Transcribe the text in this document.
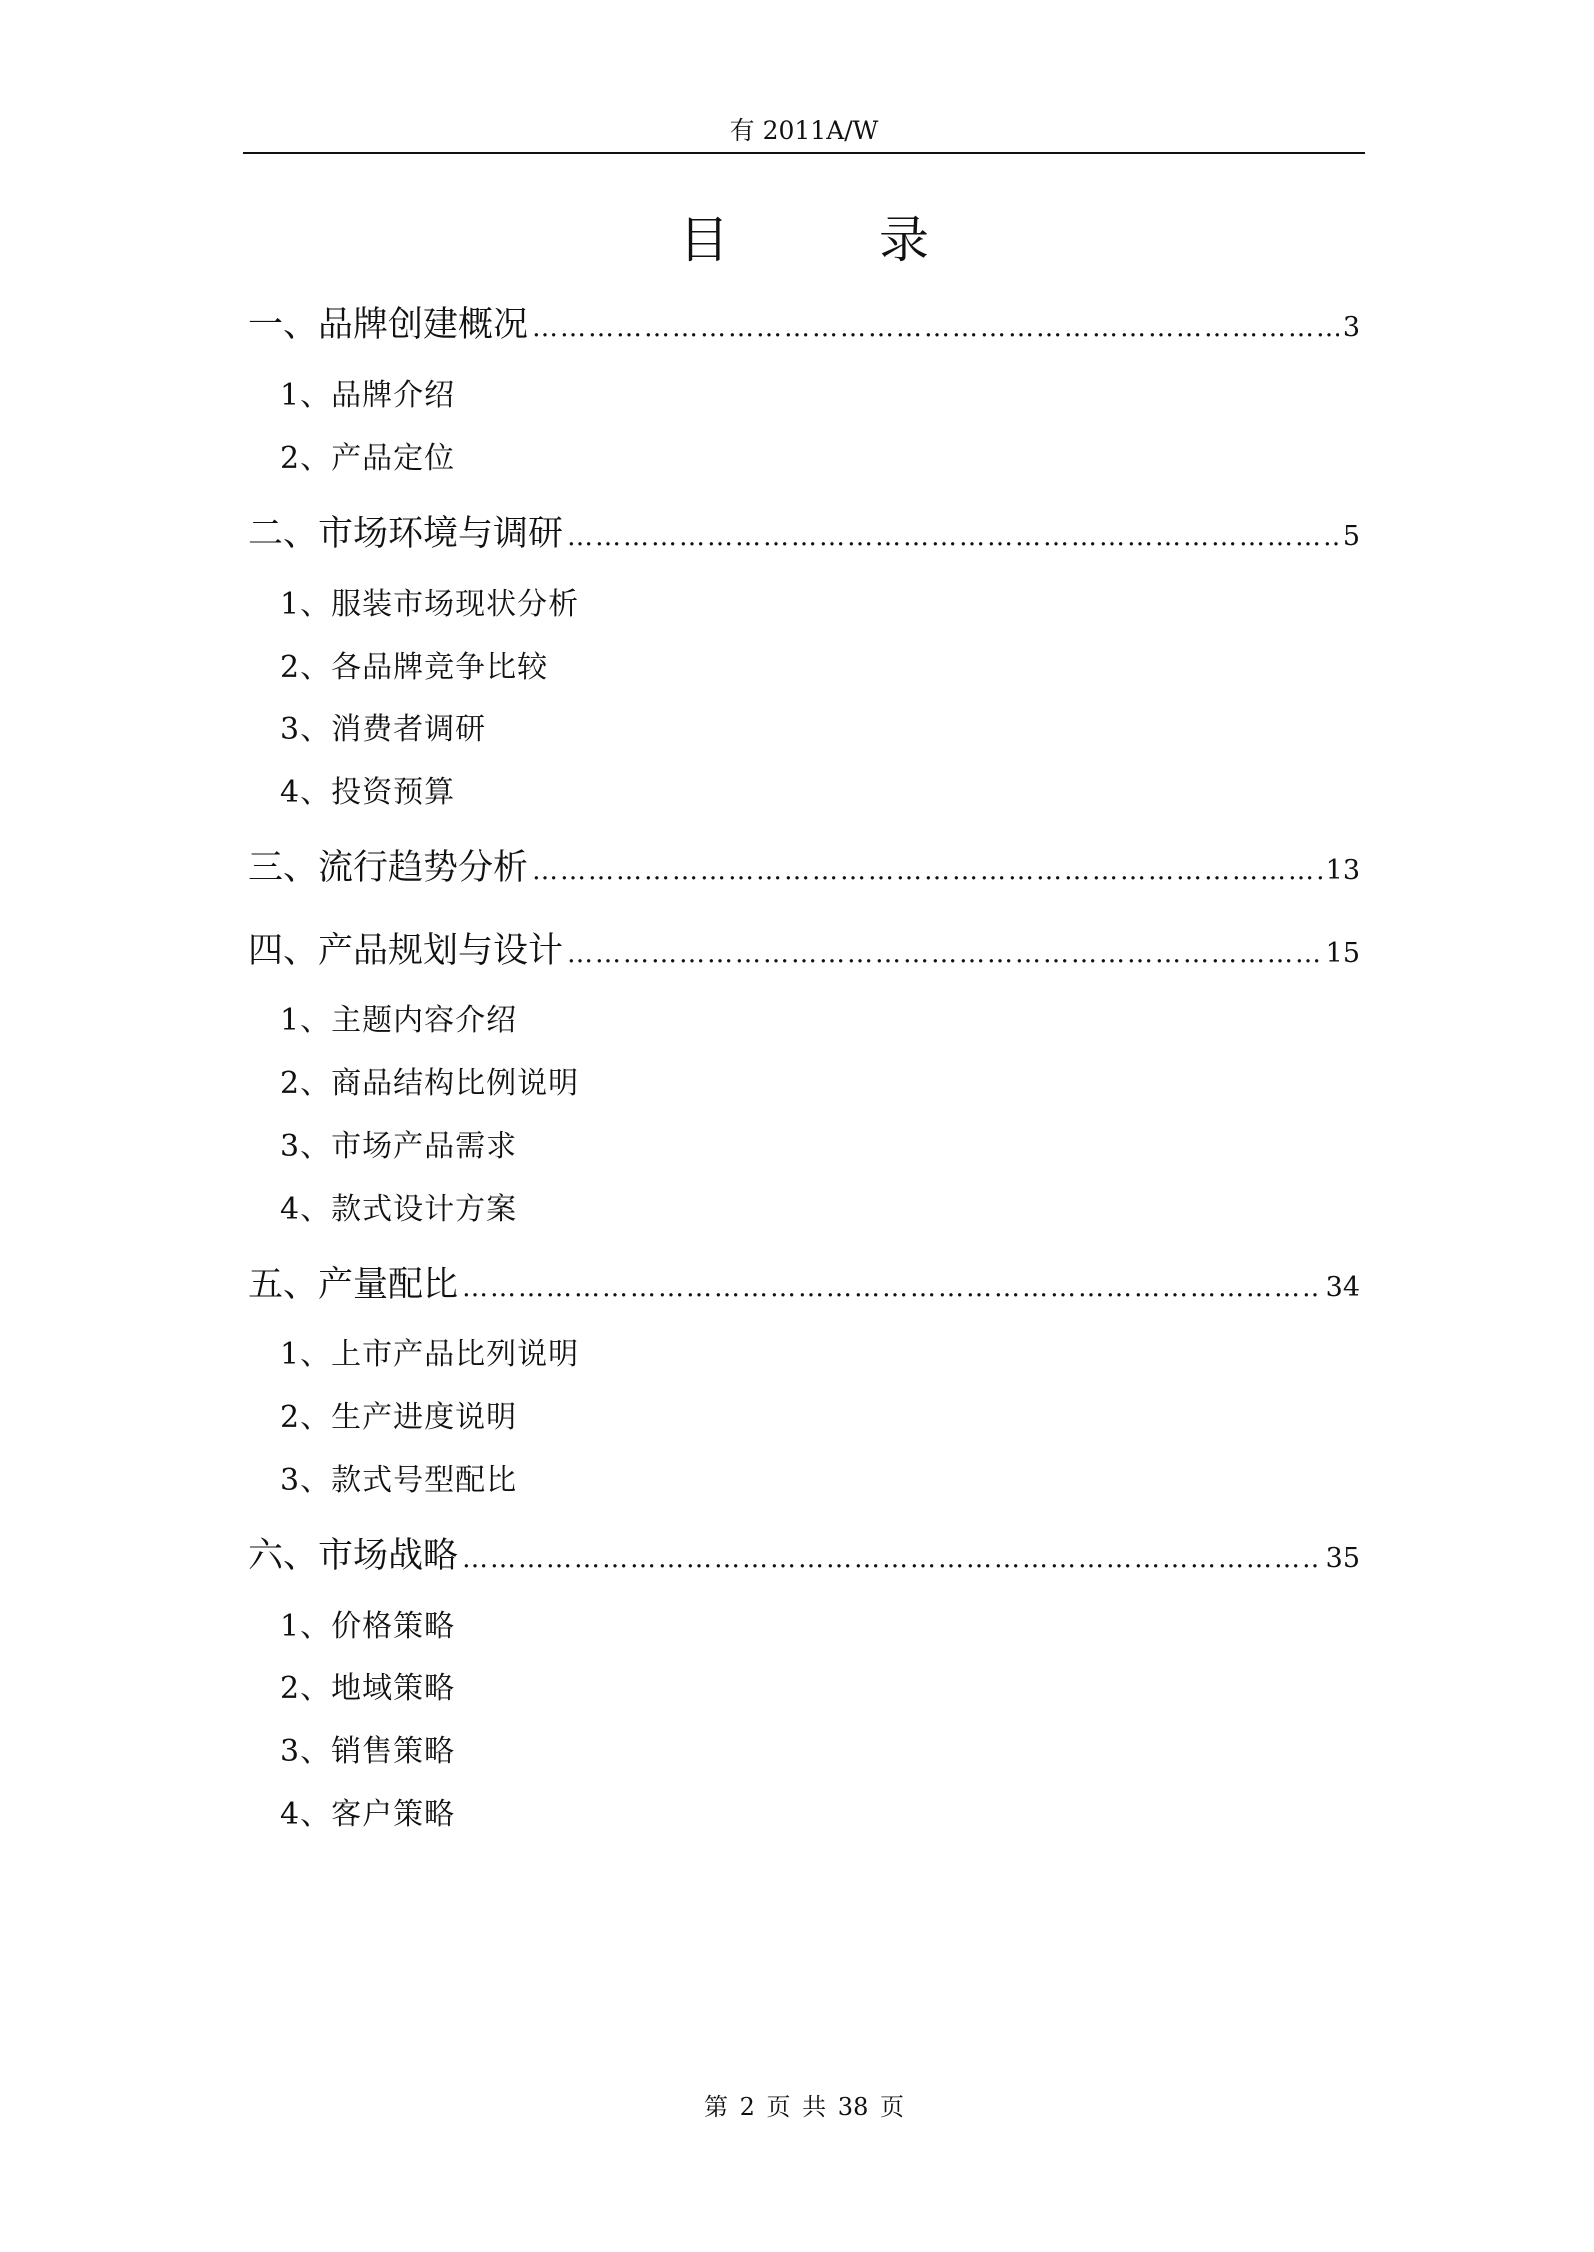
有 2011A/W
目　录
一、品牌创建概况 ………………………………………………………………………………………………………………………………………………………………………………	3
1、品牌介绍
2、产品定位
二、市场环境与调研 ………………………………………………………………………………………………………………………………………………………………………………	5
1、服装市场现状分析
2、各品牌竞争比较
3、消费者调研
4、投资预算
三、流行趋势分析 ………………………………………………………………………………………………………………………………………………………………………………	13
四、产品规划与设计 ………………………………………………………………………………………………………………………………………………………………………………	15
1、主题内容介绍
2、商品结构比例说明
3、市场产品需求
4、款式设计方案
五、产量配比 ………………………………………………………………………………………………………………………………………………………………………………	34
1、上市产品比列说明
2、生产进度说明
3、款式号型配比
六、市场战略 ………………………………………………………………………………………………………………………………………………………………………………	35
1、价格策略
2、地域策略
3、销售策略
4、客户策略
第 2 页 共 38 页
